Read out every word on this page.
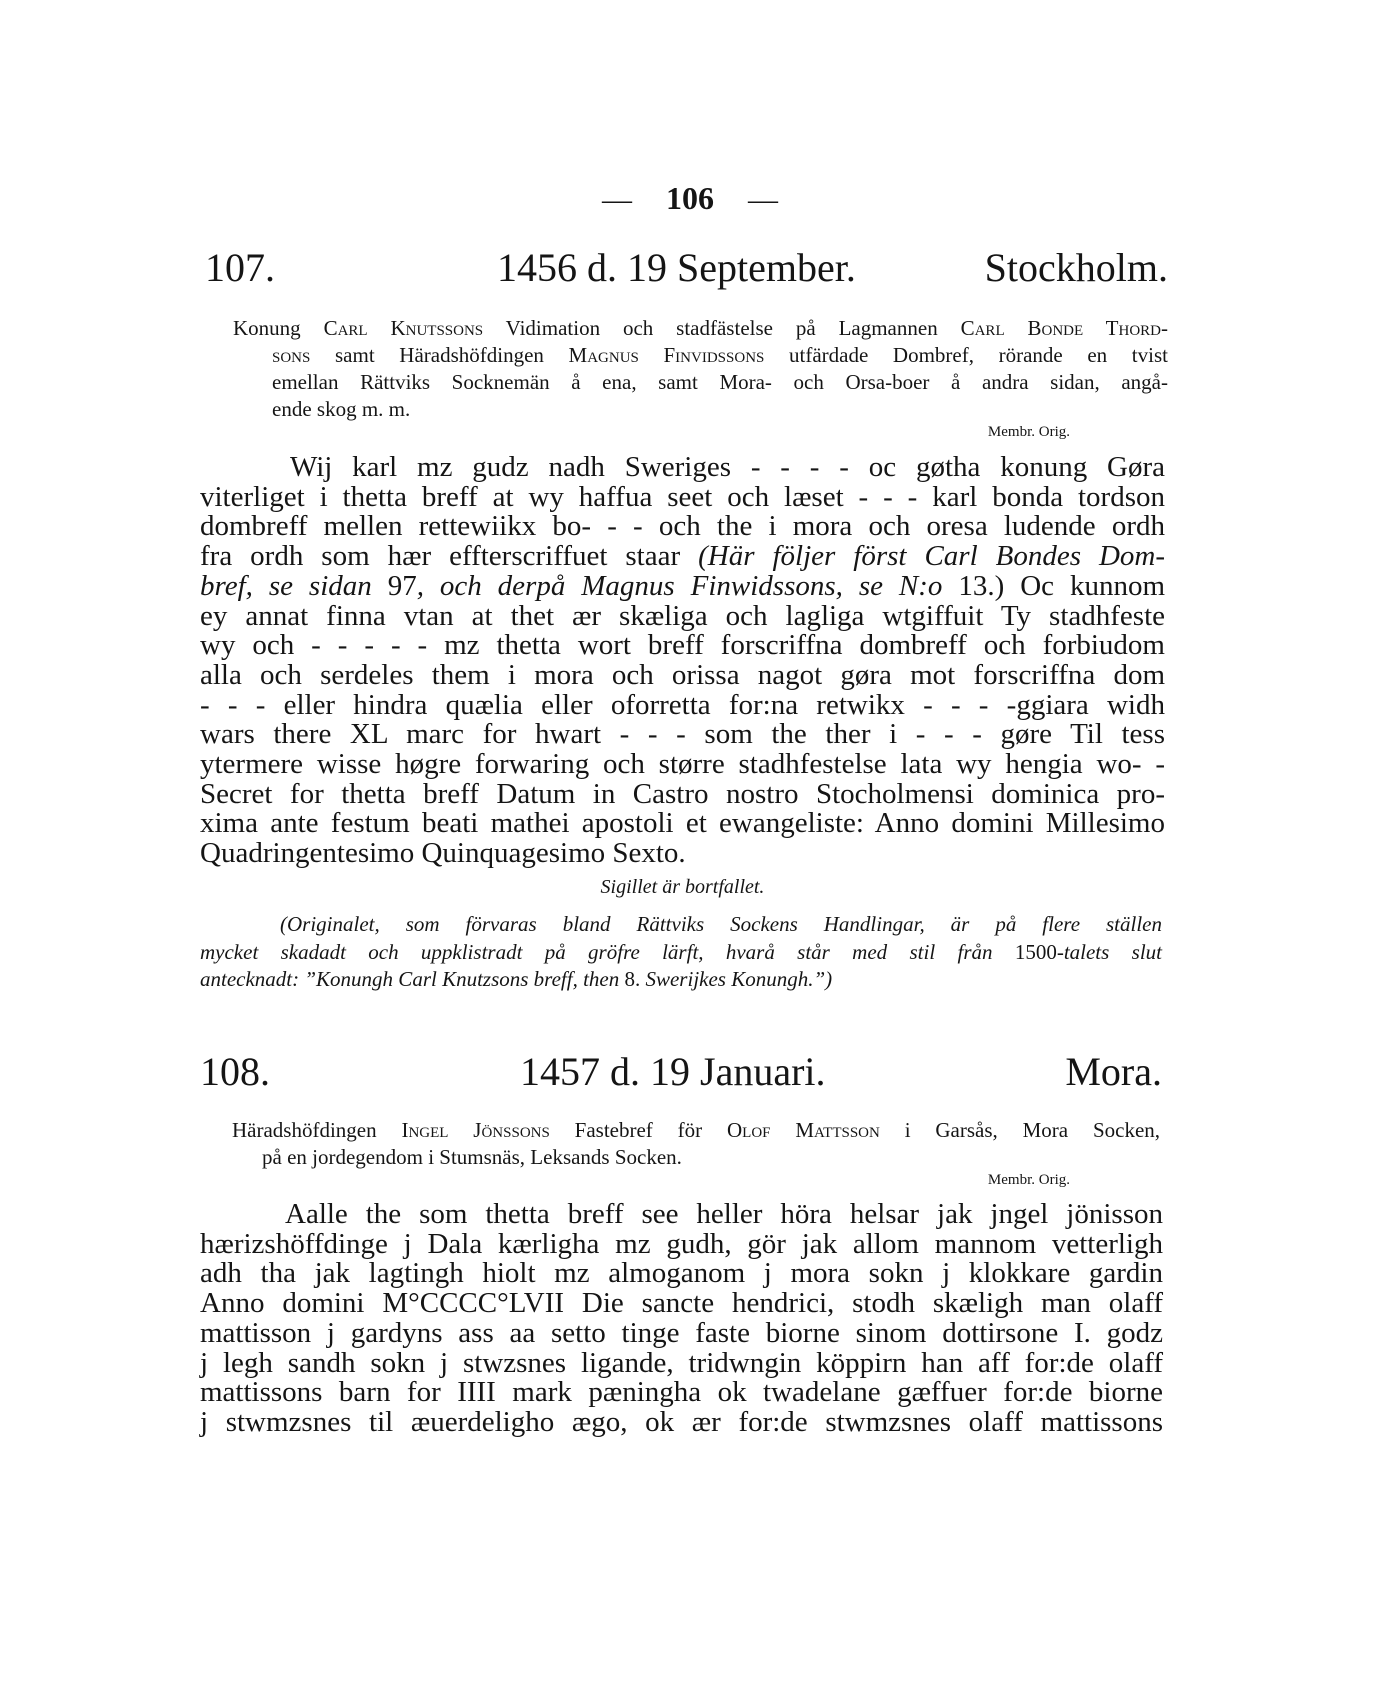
— 106 —
107.	1456 d. 19 September.	Stockholm.
Konung Carl Knutssons Vidimation och stadfästelse på Lagmannen Carl Bonde Thord-
sons samt Häradshöfdingen Magnus Finvidssons utfärdade Dombref, rörande en tvist
emellan Rättviks Socknemän å ena, samt Mora- och Orsa-boer å andra sidan, angå-
ende skog m. m.
Membr. Orig.
Wij karl mz gudz nadh Sweriges - - - - oc gøtha konung Gøra
viterliget i thetta breff at wy haffua seet och læset - - - karl bonda tordson
dombreff mellen rettewiikx bo- - - och the i mora och oresa ludende ordh
fra ordh som hær effterscriffuet staar (Här följer först Carl Bondes Dom-
bref, se sidan 97, och derpå Magnus Finwidssons, se N:o 13.) Oc kunnom
ey annat finna vtan at thet ær skæliga och lagliga wtgiffuit Ty stadhfeste
wy och - - - - - mz thetta wort breff forscriffna dombreff och forbiudom
alla och serdeles them i mora och orissa nagot gøra mot forscriffna dom
- - - eller hindra quælia eller oforretta for:na retwikx - - - -ggiara widh
wars there XL marc for hwart - - - som the ther i - - - gøre Til tess
ytermere wisse høgre forwaring och større stadhfestelse lata wy hengia wo- -
Secret for thetta breff Datum in Castro nostro Stocholmensi dominica pro-
xima ante festum beati mathei apostoli et ewangeliste: Anno domini Millesimo
Quadringentesimo Quinquagesimo Sexto.
Sigillet är bortfallet.
(Originalet, som förvaras bland Rättviks Sockens Handlingar, är på flere ställen
mycket skadadt och uppklistradt på gröfre lärft, hvarå står med stil från 1500-talets slut
antecknadt: ”Konungh Carl Knutzsons breff, then 8. Swerijkes Konungh.”)
108.	1457 d. 19 Januari.	Mora.
Häradshöfdingen Ingel Jönssons Fastebref för Olof Mattsson i Garsås, Mora Socken,
på en jordegendom i Stumsnäs, Leksands Socken.
Membr. Orig.
Aalle the som thetta breff see heller höra helsar jak jngel jönisson
hærizshöffdinge j Dala kærligha mz gudh, gör jak allom mannom vetterligh
adh tha jak lagtingh hiolt mz almoganom j mora sokn j klokkare gardin
Anno domini M°CCCC°LVII Die sancte hendrici, stodh skæligh man olaff
mattisson j gardyns ass aa setto tinge faste biorne sinom dottirsone I. godz
j legh sandh sokn j stwzsnes ligande, tridwngin köppirn han aff for:de olaff
mattissons barn for IIII mark pæningha ok twadelane gæffuer for:de biorne
j stwmzsnes til æuerdeligho ægo, ok ær for:de stwmzsnes olaff mattissons
